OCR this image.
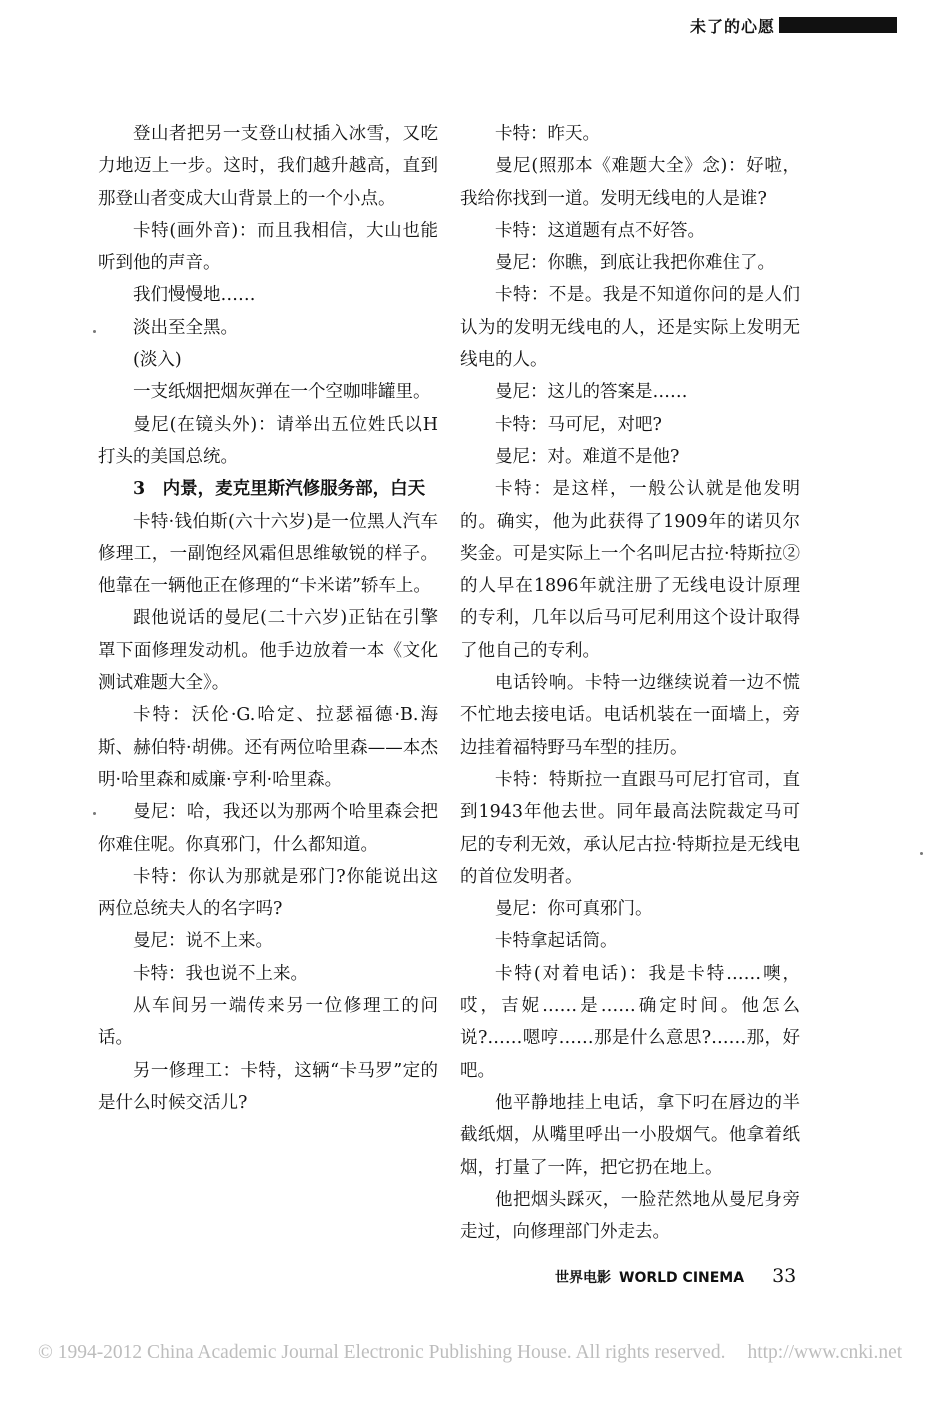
未了的心愿

登山者把另一支登山杖插入冰雪，又吃力地迈上一步。这时，我们越升越高，直到那登山者变成大山背景上的一个小点。

卡特(画外音)：而且我相信，大山也能听到他的声音。

我们慢慢地……

淡出至全黑。

(淡入)

一支纸烟把烟灰弹在一个空咖啡罐里。

曼尼(在镜头外)：请举出五位姓氏以H打头的美国总统。

3　内景，麦克里斯汽修服务部，白天

卡特·钱伯斯(六十六岁)是一位黑人汽车修理工，一副饱经风霜但思维敏锐的样子。他靠在一辆他正在修理的“卡米诺”轿车上。

跟他说话的曼尼(二十六岁)正钻在引擎罩下面修理发动机。他手边放着一本《文化测试难题大全》。

卡特：沃伦·G.哈定、拉瑟福德·B.海斯、赫伯特·胡佛。还有两位哈里森——本杰明·哈里森和威廉·亨利·哈里森。

曼尼：哈，我还以为那两个哈里森会把你难住呢。你真邪门，什么都知道。

卡特：你认为那就是邪门?你能说出这两位总统夫人的名字吗?

曼尼：说不上来。

卡特：我也说不上来。

从车间另一端传来另一位修理工的问话。

另一修理工：卡特，这辆“卡马罗”定的是什么时候交活儿?

卡特：昨天。

曼尼(照那本《难题大全》念)：好啦，我给你找到一道。发明无线电的人是谁?

卡特：这道题有点不好答。

曼尼：你瞧，到底让我把你难住了。

卡特：不是。我是不知道你问的是人们认为的发明无线电的人，还是实际上发明无线电的人。

曼尼：这儿的答案是……

卡特：马可尼，对吧?

曼尼：对。难道不是他?

卡特：是这样，一般公认就是他发明的。确实，他为此获得了1909年的诺贝尔奖金。可是实际上一个名叫尼古拉·特斯拉②的人早在1896年就注册了无线电设计原理的专利，几年以后马可尼利用这个设计取得了他自己的专利。

电话铃响。卡特一边继续说着一边不慌不忙地去接电话。电话机装在一面墙上，旁边挂着福特野马车型的挂历。

卡特：特斯拉一直跟马可尼打官司，直到1943年他去世。同年最高法院裁定马可尼的专利无效，承认尼古拉·特斯拉是无线电的首位发明者。

曼尼：你可真邪门。

卡特拿起话筒。

卡特(对着电话)：我是卡特……噢，哎，吉妮……是……确定时间。他怎么说?……嗯哼……那是什么意思?……那，好吧。

他平静地挂上电话，拿下叼在唇边的半截纸烟，从嘴里呼出一小股烟气。他拿着纸烟，打量了一阵，把它扔在地上。

他把烟头踩灭，一脸茫然地从曼尼身旁走过，向修理部门外走去。

世界电影 WORLD CINEMA 33
© 1994-2012 China Academic Journal Electronic Publishing House. All rights reserved. http://www.cnki.net
